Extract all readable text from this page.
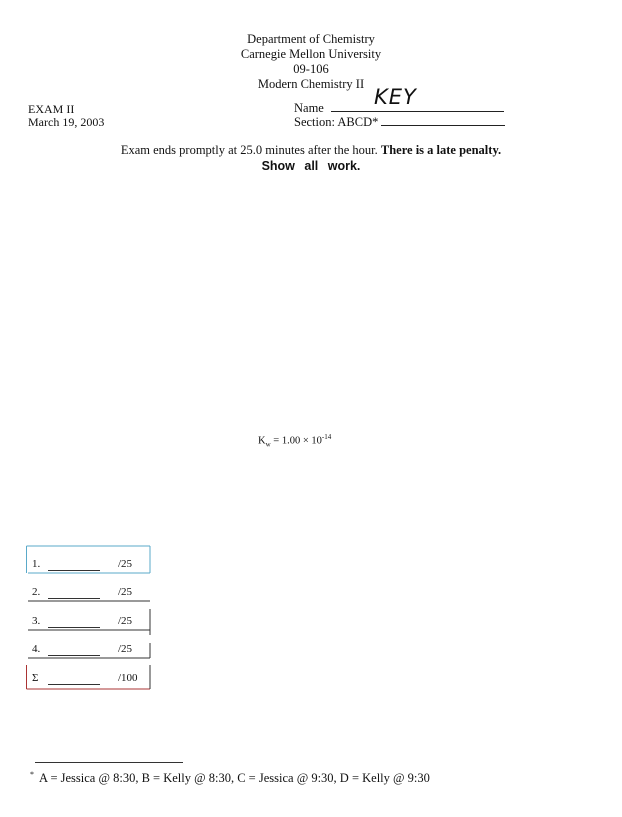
Department of Chemistry
Carnegie Mellon University
09-106
Modern Chemistry II
EXAM II
March 19, 2003
Name KEY
Section: ABCD*
Exam ends promptly at 25.0 minutes after the hour. There is a late penalty.
Show all work.
$K_w = 1.00 \times 10^{-14}$
1.	/25
2.	/25
3.	/25
4.	/25
Σ	/100
* A = Jessica @ 8:30, B = Kelly @ 8:30, C = Jessica @ 9:30, D = Kelly @ 9:30
